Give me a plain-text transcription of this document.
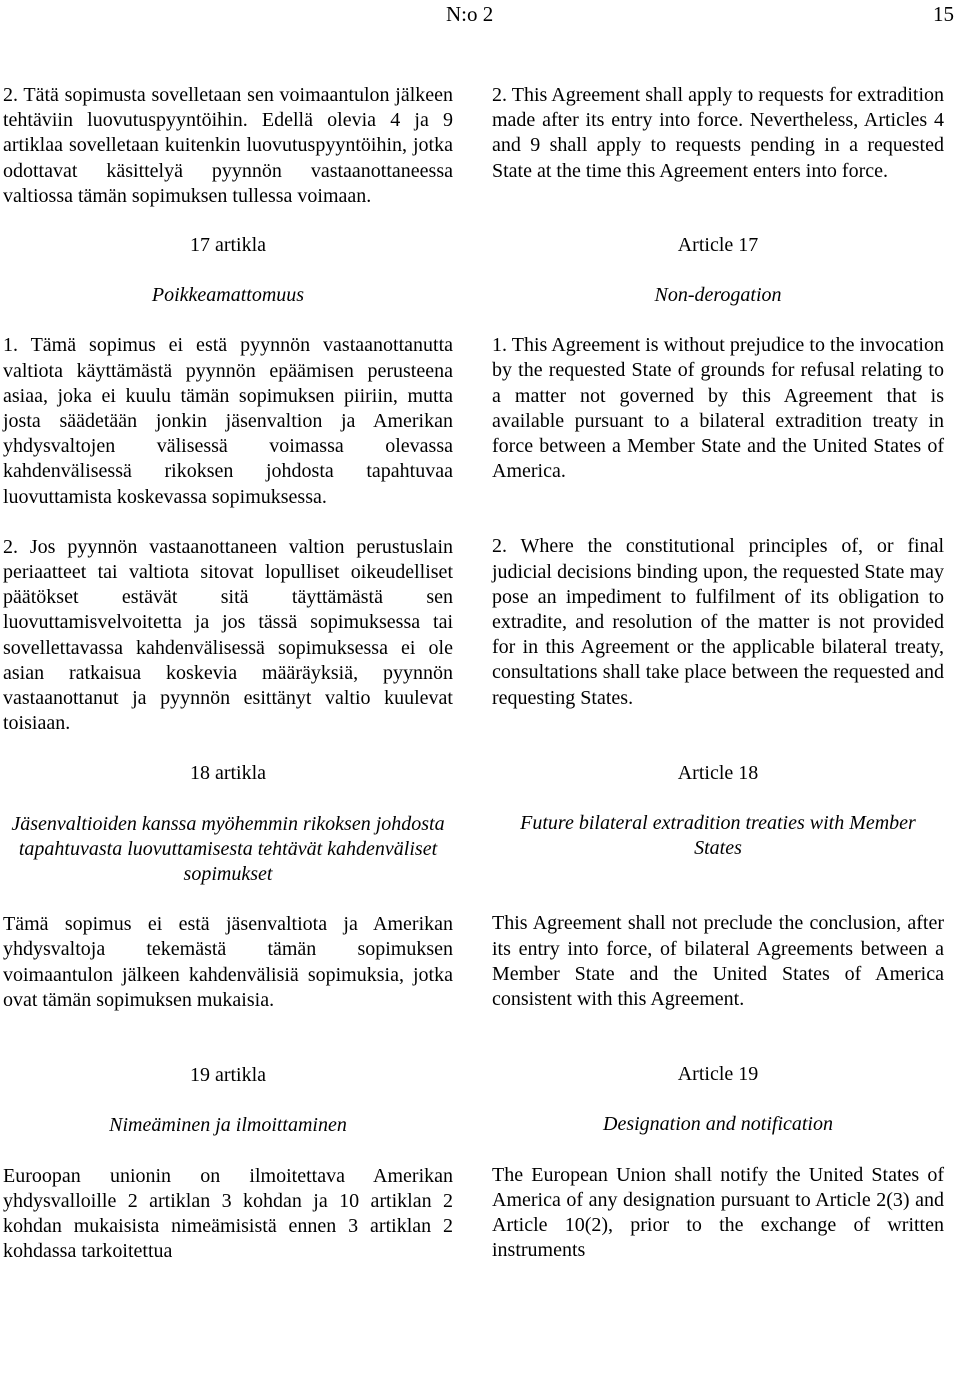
N:o 2	15

2. Tätä sopimusta sovelletaan sen voimaantulon jälkeen tehtäviin luovutuspyyntöihin. Edellä olevia 4 ja 9 artiklaa sovelletaan kuitenkin luovutuspyyntöihin, jotka odottavat käsittelyä pyynnön vastaanottaneessa valtiossa tämän sopimuksen tullessa voimaan.

17 artikla

Poikkeamattomuus

1. Tämä sopimus ei estä pyynnön vastaanottanutta valtiota käyttämästä pyynnön epäämisen perusteena asiaa, joka ei kuulu tämän sopimuksen piiriin, mutta josta säädetään jonkin jäsenvaltion ja Amerikan yhdysvaltojen välisessä voimassa olevassa kahdenvälisessä rikoksen johdosta tapahtuvaa luovuttamista koskevassa sopimuksessa.

2. Jos pyynnön vastaanottaneen valtion perustuslain periaatteet tai valtiota sitovat lopulliset oikeudelliset päätökset estävät sitä täyttämästä sen luovuttamisvelvoitetta ja jos tässä sopimuksessa tai sovellettavassa kahdenvälisessä sopimuksessa ei ole asian ratkaisua koskevia määräyksiä, pyynnön vastaanottanut ja pyynnön esittänyt valtio kuulevat toisiaan.

18 artikla

Jäsenvaltioiden kanssa myöhemmin rikoksen johdosta tapahtuvasta luovuttamisesta tehtävät kahdenväliset sopimukset

Tämä sopimus ei estä jäsenvaltiota ja Amerikan yhdysvaltoja tekemästä tämän sopimuksen voimaantulon jälkeen kahdenvälisiä sopimuksia, jotka ovat tämän sopimuksen mukaisia.

19 artikla

Nimeäminen ja ilmoittaminen

Euroopan unionin on ilmoitettava Amerikan yhdysvalloille 2 artiklan 3 kohdan ja 10 artiklan 2 kohdan mukaisista nimeämisistä ennen 3 artiklan 2 kohdassa tarkoitettua

2. This Agreement shall apply to requests for extradition made after its entry into force. Nevertheless, Articles 4 and 9 shall apply to requests pending in a requested State at the time this Agreement enters into force.

Article 17

Non-derogation

1. This Agreement is without prejudice to the invocation by the requested State of grounds for refusal relating to a matter not governed by this Agreement that is available pursuant to a bilateral extradition treaty in force between a Member State and the United States of America.

2. Where the constitutional principles of, or final judicial decisions binding upon, the requested State may pose an impediment to fulfilment of its obligation to extradite, and resolution of the matter is not provided for in this Agreement or the applicable bilateral treaty, consultations shall take place between the requested and requesting States.

Article 18

Future bilateral extradition treaties with Member States

This Agreement shall not preclude the conclusion, after its entry into force, of bilateral Agreements between a Member State and the United States of America consistent with this Agreement.

Article 19

Designation and notification

The European Union shall notify the United States of America of any designation pursuant to Article 2(3) and Article 10(2), prior to the exchange of written instruments
